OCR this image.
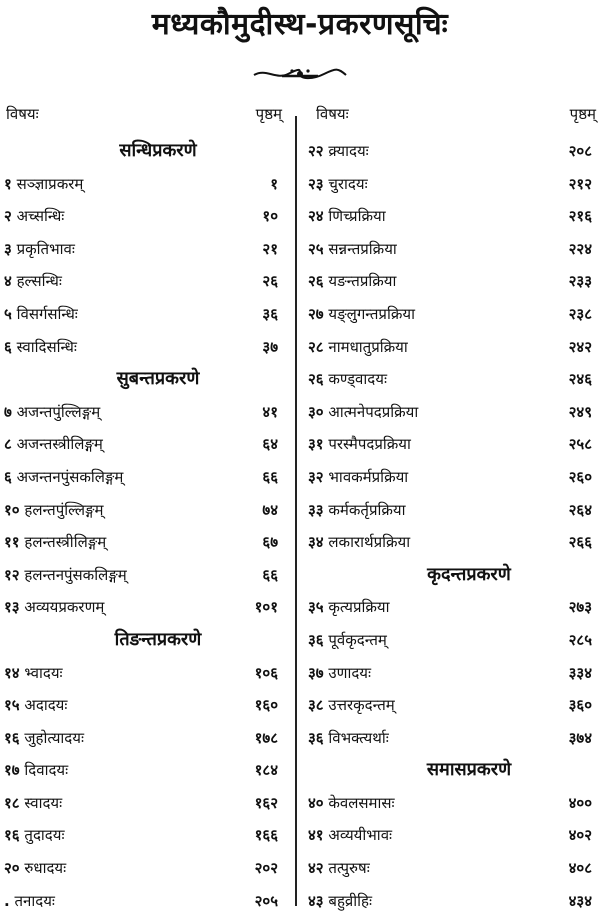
मध्यकौमुदीस्थ-प्रकरणसूचिः
विषयः	पृष्ठम्
सन्धिप्रकरणे
१ सञ्ज्ञाप्रकरम्	१
२ अच्सन्धिः	१०
३ प्रकृतिभावः	२१
४ हल्सन्धिः	२६
५ विसर्गसन्धिः	३६
६ स्वादिसन्धिः	३७
सुबन्तप्रकरणे
७ अजन्तपुंल्लिङ्गम्	४१
८ अजन्तस्त्रीलिङ्गम्	६४
६ अजन्तनपुंसकलिङ्गम्	६६
१० हलन्तपुंल्लिङ्गम्	७४
११ हलन्तस्त्रीलिङ्गम्	६७
१२ हलन्तनपुंसकलिङ्गम्	६६
१३ अव्ययप्रकरणम्	१०१
तिङन्तप्रकरणे
१४ भ्वादयः	१०६
१५ अदादयः	१६०
१६ जुहोत्यादयः	१७८
१७ दिवादयः	१८४
१८ स्वादयः	१६२
१६ तुदादयः	१६६
२० रुधादयः	२०२
. तनादयः	२०५
विषयः	पृष्ठम्
२२ क्र्यादयः	२०८
२३ चुरादयः	२१२
२४ णिच्प्रक्रिया	२१६
२५ सन्नन्तप्रक्रिया	२२४
२६ यङन्तप्रक्रिया	२३३
२७ यङ्लुगन्तप्रक्रिया	२३८
२८ नामधातुप्रक्रिया	२४२
२६ कण्ड्वादयः	२४६
३० आत्मनेपदप्रक्रिया	२४९
३१ परस्मैपदप्रक्रिया	२५८
३२ भावकर्मप्रक्रिया	२६०
३३ कर्मकर्तृप्रक्रिया	२६४
३४ लकारार्थप्रक्रिया	२६६
कृदन्तप्रकरणे
३५ कृत्यप्रक्रिया	२७३
३६ पूर्वकृदन्तम्	२८५
३७ उणादयः	३३४
३८ उत्तरकृदन्तम्	३६०
३६ विभक्त्यर्थाः	३७४
समासप्रकरणे
४० केवलसमासः	४००
४१ अव्ययीभावः	४०२
४२ तत्पुरुषः	४०८
४३ बहुव्रीहिः	४३४
